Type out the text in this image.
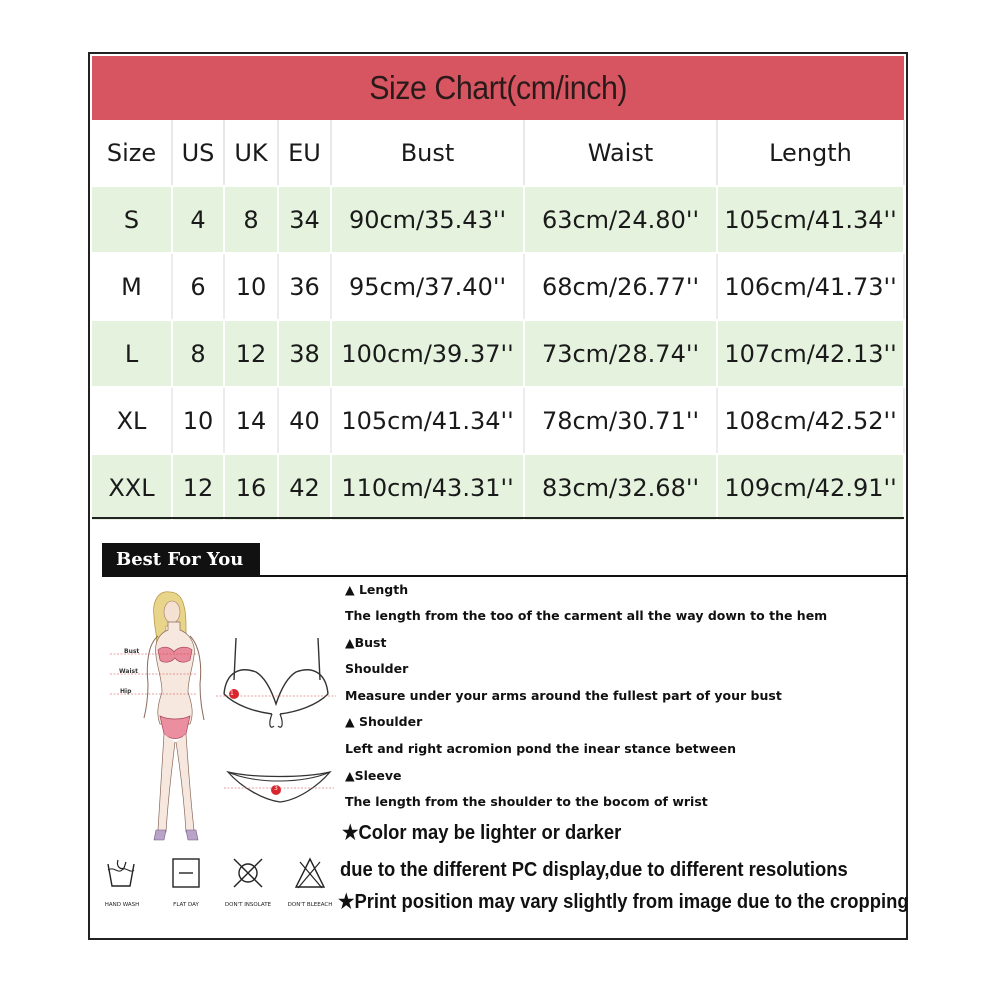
Size Chart(cm/inch)
Size	US	UK	EU	Bust	Waist	Length
S	4	8	34	90cm/35.43''	63cm/24.80''	105cm/41.34''
M	6	10	36	95cm/37.40''	68cm/26.77''	106cm/41.73''
L	8	12	38	100cm/39.37''	73cm/28.74''	107cm/42.13''
XL	10	14	40	105cm/41.34''	78cm/30.71''	108cm/42.52''
XXL	12	16	42	110cm/43.31''	83cm/32.68''	109cm/42.91''
Best For You
Bust
Waist
Hip	1
3
▲ Length
The length from the too of the carment all the way down to the hem
▲Bust
Shoulder
Measure under your arms around the fullest part of your bust
▲ Shoulder
Left and right acromion pond the inear stance between
▲Sleeve
The length from the shoulder to the bocom of wrist
★Color may be lighter or darker
due to the different PC display,due to different resolutions
★Print position may vary slightly from image due to the cropping
HAND WASH	FLAT DAY	DON'T INSOLATE	DON'T BLEEACH
